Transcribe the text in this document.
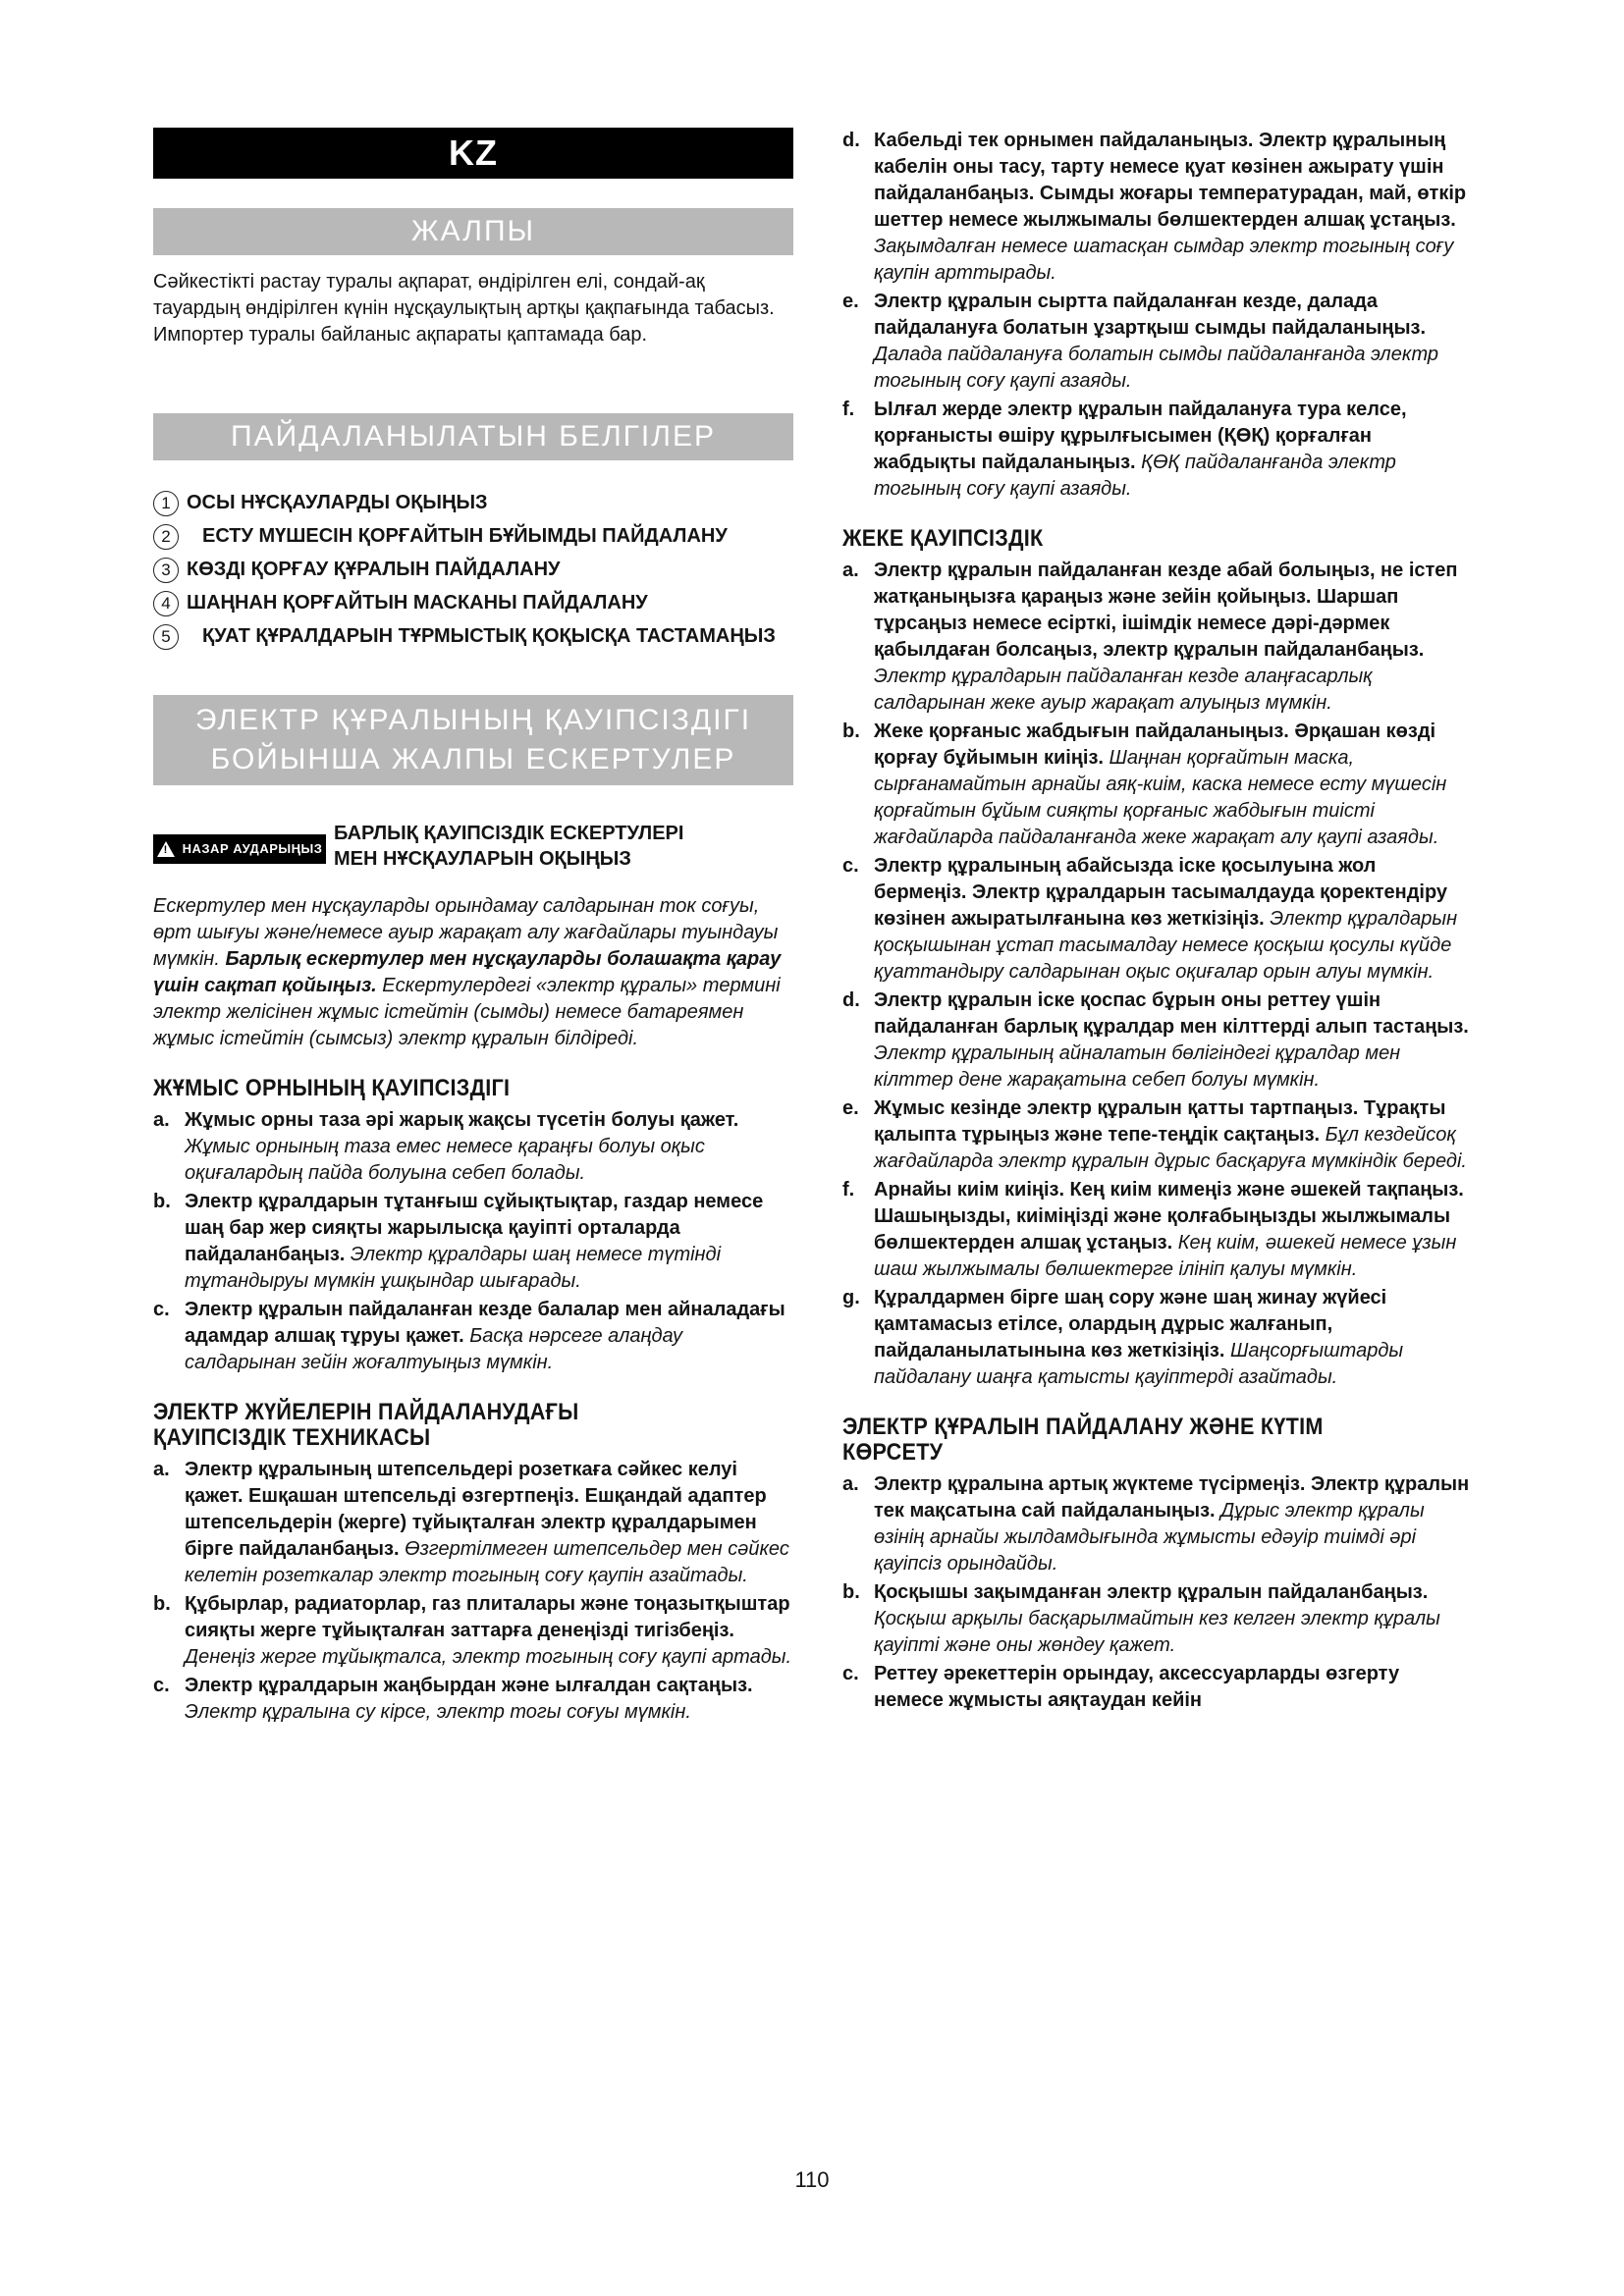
KZ
ЖАЛПЫ

Сәйкестікті растау туралы ақпарат, өндірілген елі, сондай-ақ тауардың өндірілген күнін нұсқаулықтың артқы қақпағында табасыз.

Импортер туралы байланыс ақпараты қаптамада бар.

ПАЙДАЛАНЫЛАТЫН БЕЛГІЛЕР
1 ОСЫ НҰСҚАУЛАРДЫ ОҚЫҢЫЗ
2	ЕСТУ МҮШЕСІН ҚОРҒАЙТЫН БҰЙЫМДЫ ПАЙДАЛАНУ
3 КӨЗДІ ҚОРҒАУ ҚҰРАЛЫН ПАЙДАЛАНУ
4 ШАҢНАН ҚОРҒАЙТЫН МАСКАНЫ ПАЙДАЛАНУ
5	ҚУАТ ҚҰРАЛДАРЫН ТҰРМЫСТЫҚ ҚОҚЫСҚА ТАСТАМАҢЫЗ
ЭЛЕКТР ҚҰРАЛЫНЫҢ ҚАУІПСІЗДІГІ
БОЙЫНША ЖАЛПЫ ЕСКЕРТУЛЕР
! НАЗАР АУДАРЫҢЫЗ
БАРЛЫҚ ҚАУІПСІЗДІК ЕСКЕРТУЛЕРІ
МЕН НҰСҚАУЛАРЫН ОҚЫҢЫЗ

Ескертулер мен нұсқауларды орындамау салдарынан ток соғуы, өрт шығуы және/немесе ауыр жарақат алу жағдайлары туындауы мүмкін. Барлық ескертулер мен нұсқауларды болашақта қарау үшін сақтап қойыңыз. Ескертулердегі «электр құралы» термині электр желісінен жұмыс істейтін (сымды) немесе батареямен жұмыс істейтін (сымсыз) электр құралын білдіреді.

ЖҰМЫС ОРНЫНЫҢ ҚАУІПСІЗДІГІ
a. Жұмыс орны таза әрі жарық жақсы түсетін болуы қажет. Жұмыс орнының таза емес немесе қараңғы болуы оқыс оқиғалардың пайда болуына себеп болады.
b. Электр құралдарын тұтанғыш сұйықтықтар, газдар немесе шаң бар жер сияқты жарылысқа қауіпті орталарда пайдаланбаңыз. Электр құралдары шаң немесе түтінді тұтандыруы мүмкін ұшқындар шығарады.
c. Электр құралын пайдаланған кезде балалар мен айналадағы адамдар алшақ тұруы қажет. Басқа нәрсеге алаңдау салдарынан зейін жоғалтуыңыз мүмкін.
ЭЛЕКТР ЖҮЙЕЛЕРІН ПАЙДАЛАНУДАҒЫ
ҚАУІПСІЗДІК ТЕХНИКАСЫ
a. Электр құралының штепсельдері розеткаға сәйкес келуі қажет. Ешқашан штепсельді өзгертпеңіз. Ешқандай адаптер штепсельдерін (жерге) тұйықталған электр құралдарымен бірге пайдаланбаңыз. Өзгертілмеген штепсельдер мен сәйкес келетін розеткалар электр тогының соғу қаупін азайтады.
b. Құбырлар, радиаторлар, газ плиталары және тоңазытқыштар сияқты жерге тұйықталған заттарға денеңізді тигізбеңіз. Денеңіз жерге тұйықталса, электр тогының соғу қаупі артады.
c. Электр құралдарын жаңбырдан және ылғалдан сақтаңыз. Электр құралына су кірсе, электр тогы соғуы мүмкін.
d. Кабельді тек орнымен пайдаланыңыз. Электр құралының кабелін оны тасу, тарту немесе қуат көзінен ажырату үшін пайдаланбаңыз. Сымды жоғары температурадан, май, өткір шеттер немесе жылжымалы бөлшектерден алшақ ұстаңыз. Зақымдалған немесе шатасқан сымдар электр тогының соғу қаупін арттырады.
e. Электр құралын сыртта пайдаланған кезде, далада пайдалануға болатын ұзартқыш сымды пайдаланыңыз. Далада пайдалануға болатын сымды пайдаланғанда электр тогының соғу қаупі азаяды.
f. Ылғал жерде электр құралын пайдалануға тура келсе, қорғанысты өшіру құрылғысымен (ҚӨҚ) қорғалған жабдықты пайдаланыңыз. ҚӨҚ пайдаланғанда электр тогының соғу қаупі азаяды.
ЖЕКЕ ҚАУІПСІЗДІК
a. Электр құралын пайдаланған кезде абай болыңыз, не істеп жатқаныңызға қараңыз және зейін қойыңыз. Шаршап тұрсаңыз немесе есірткі, ішімдік немесе дәрі-дәрмек қабылдаған болсаңыз, электр құралын пайдаланбаңыз. Электр құралдарын пайдаланған кезде алаңғасарлық салдарынан жеке ауыр жарақат алуыңыз мүмкін.
b. Жеке қорғаныс жабдығын пайдаланыңыз. Әрқашан көзді қорғау бұйымын киіңіз. Шаңнан қорғайтын маска, сырғанамайтын арнайы аяқ-киім, каска немесе есту мүшесін қорғайтын бұйым сияқты қорғаныс жабдығын тиісті жағдайларда пайдаланғанда жеке жарақат алу қаупі азаяды.
c. Электр құралының абайсызда іске қосылуына жол бермеңіз. Электр құралдарын тасымалдауда қоректендіру көзінен ажыратылғанына көз жеткізіңіз. Электр құралдарын қосқышынан ұстап тасымалдау немесе қосқыш қосулы күйде қуаттандыру салдарынан оқыс оқиғалар орын алуы мүмкін.
d. Электр құралын іске қоспас бұрын оны реттеу үшін пайдаланған барлық құралдар мен кілттерді алып тастаңыз. Электр құралының айналатын бөлігіндегі құралдар мен кілттер дене жарақатына себеп болуы мүмкін.
e. Жұмыс кезінде электр құралын қатты тартпаңыз. Тұрақты қалыпта тұрыңыз және тепе-теңдік сақтаңыз. Бұл кездейсоқ жағдайларда электр құралын дұрыс басқаруға мүмкіндік береді.
f. Арнайы киім киіңіз. Кең киім кимеңіз және әшекей тақпаңыз. Шашыңызды, киіміңізді және қолғабыңызды жылжымалы бөлшектерден алшақ ұстаңыз. Кең киім, әшекей немесе ұзын шаш жылжымалы бөлшектерге ілініп қалуы мүмкін.
g. Құралдармен бірге шаң сору және шаң жинау жүйесі қамтамасыз етілсе, олардың дұрыс жалғанып, пайдаланылатынына көз жеткізіңіз. Шаңсорғыштарды пайдалану шаңға қатысты қауіптерді азайтады.
ЭЛЕКТР ҚҰРАЛЫН ПАЙДАЛАНУ ЖӘНЕ КҮТІМ
КӨРСЕТУ
a. Электр құралына артық жүктеме түсірмеңіз. Электр құралын тек мақсатына сай пайдаланыңыз. Дұрыс электр құралы өзінің арнайы жылдамдығында жұмысты едәуір тиімді әрі қауіпсіз орындайды.
b. Қосқышы зақымданған электр құралын пайдаланбаңыз. Қосқыш арқылы басқарылмайтын кез келген электр құралы қауіпті және оны жөндеу қажет.
c. Реттеу әрекеттерін орындау, аксессуарларды өзгерту немесе жұмысты аяқтаудан кейін
110
